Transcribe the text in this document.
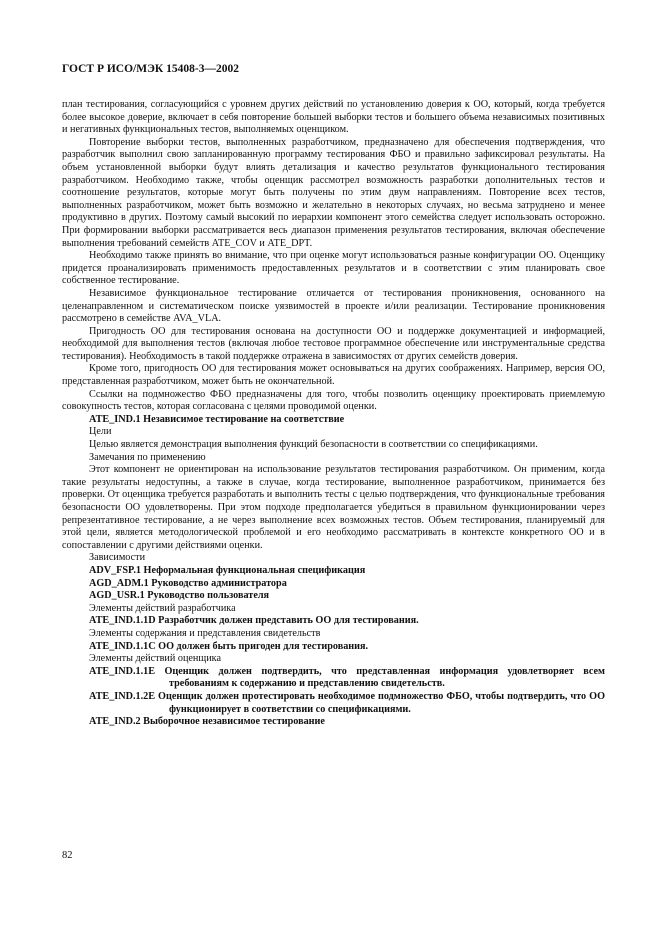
ГОСТ Р ИСО/МЭК 15408-3—2002

план тестирования, согласующийся с уровнем других действий по установлению доверия к ОО, который, когда требуется более высокое доверие, включает в себя повторение большей выборки тестов и большего объема независимых позитивных и негативных функциональных тестов, выполняемых оценщиком.

Повторение выборки тестов, выполненных разработчиком, предназначено для обеспечения подтверждения, что разработчик выполнил свою запланированную программу тестирования ФБО и правильно зафиксировал результаты. На объем установленной выборки будут влиять детализация и качество результатов функционального тестирования разработчиком. Необходимо также, чтобы оценщик рассмотрел возможность разработки дополнительных тестов и соотношение результатов, которые могут быть получены по этим двум направлениям. Повторение всех тестов, выполненных разработчиком, может быть возможно и желательно в некоторых случаях, но весьма затруднено и менее продуктивно в других. Поэтому самый высокий по иерархии компонент этого семейства следует использовать осторожно. При формировании выборки рассматривается весь диапазон применения результатов тестирования, включая обеспечение выполнения требований семейств ATE_COV и ATE_DPT.

Необходимо также принять во внимание, что при оценке могут использоваться разные конфигурации ОО. Оценщику придется проанализировать применимость предоставленных результатов и в соответствии с этим планировать свое собственное тестирование.

Независимое функциональное тестирование отличается от тестирования проникновения, основанного на целенаправленном и систематическом поиске уязвимостей в проекте и/или реализации. Тестирование проникновения рассмотрено в семействе AVA_VLA.

Пригодность ОО для тестирования основана на доступности ОО и поддержке документацией и информацией, необходимой для выполнения тестов (включая любое тестовое программное обеспечение или инструментальные средства тестирования). Необходимость в такой поддержке отражена в зависимостях от других семейств доверия.

Кроме того, пригодность ОО для тестирования может основываться на других соображениях. Например, версия ОО, представленная разработчиком, может быть не окончательной.

Ссылки на подмножество ФБО предназначены для того, чтобы позволить оценщику проектировать приемлемую совокупность тестов, которая согласована с целями проводимой оценки.

ATE_IND.1 Независимое тестирование на соответствие

Цели

Целью является демонстрация выполнения функций безопасности в соответствии со спецификациями.

Замечания по применению

Этот компонент не ориентирован на использование результатов тестирования разработчиком. Он применим, когда такие результаты недоступны, а также в случае, когда тестирование, выполненное разработчиком, принимается без проверки. От оценщика требуется разработать и выполнить тесты с целью подтверждения, что функциональные требования безопасности ОО удовлетворены. При этом подходе предполагается убедиться в правильном функционировании через репрезентативное тестирование, а не через выполнение всех возможных тестов. Объем тестирования, планируемый для этой цели, является методологической проблемой и его необходимо рассматривать в контексте конкретного ОО и в сопоставлении с другими действиями оценки.

Зависимости

ADV_FSP.1 Неформальная функциональная спецификация

AGD_ADM.1 Руководство администратора

AGD_USR.1 Руководство пользователя

Элементы действий разработчика

ATE_IND.1.1D Разработчик должен представить ОО для тестирования.

Элементы содержания и представления свидетельств

ATE_IND.1.1C ОО должен быть пригоден для тестирования.

Элементы действий оценщика

ATE_IND.1.1E Оценщик должен подтвердить, что представленная информация удовлетворяет всем требованиям к содержанию и представлению свидетельств.

ATE_IND.1.2E Оценщик должен протестировать необходимое подмножество ФБО, чтобы подтвердить, что ОО функционирует в соответствии со спецификациями.

ATE_IND.2 Выборочное независимое тестирование

82
